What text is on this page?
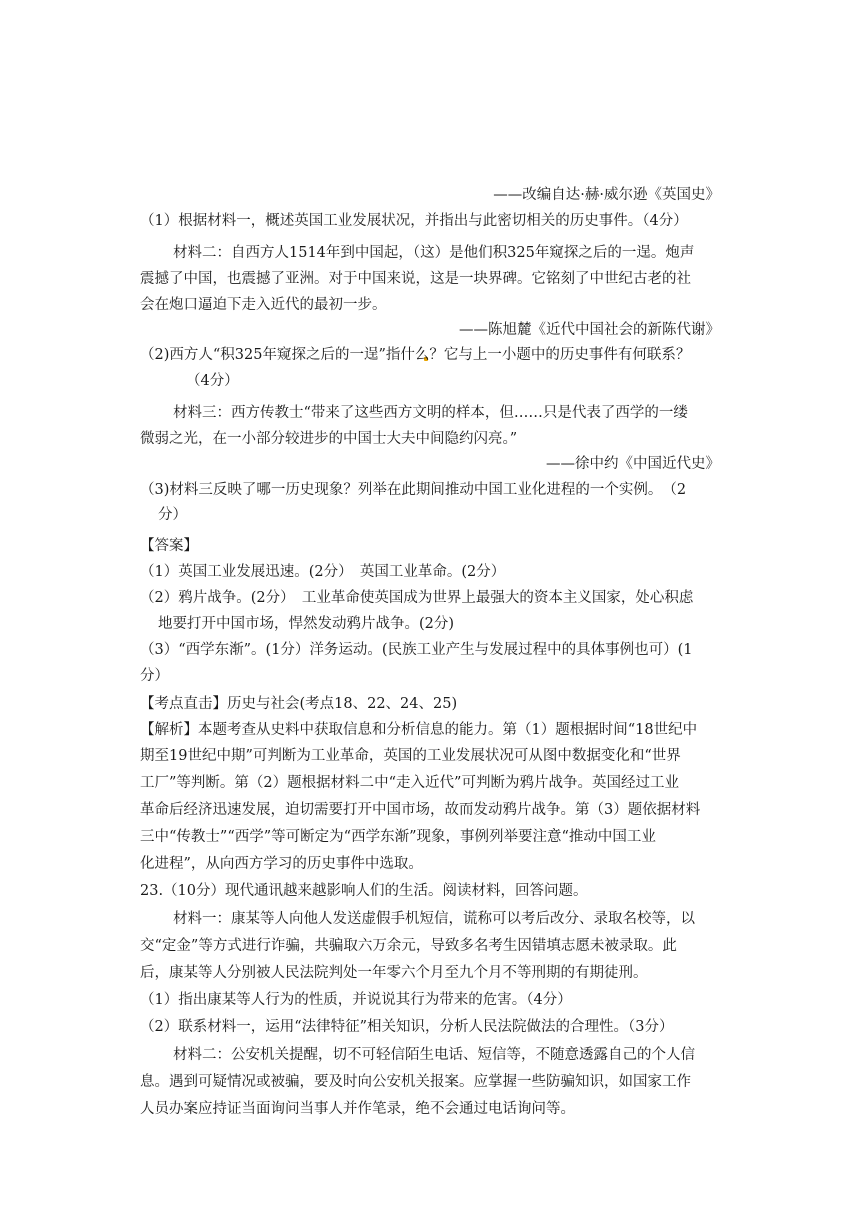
——改编自达·赫·威尔逊《英国史》
（1）根据材料一，概述英国工业发展状况，并指出与此密切相关的历史事件。（4分）
材料二：自西方人1514年到中国起，（这）是他们积325年窥探之后的一逞。炮声
震撼了中国，也震撼了亚洲。对于中国来说，这是一块界碑。它铭刻了中世纪古老的社
会在炮口逼迫下走入近代的最初一步。
——陈旭麓《近代中国社会的新陈代谢》
（2)西方人“积325年窥探之后的一逞”指什么？它与上一小题中的历史事件有何联系？
（4分）
材料三：西方传教士“带来了这些西方文明的样本，但……只是代表了西学的一缕
微弱之光，在一小部分较进步的中国士大夫中间隐约闪亮。”
——徐中约《中国近代史》
（3)材料三反映了哪一历史现象？列举在此期间推动中国工业化进程的一个实例。　（2
分）
【答案】
（1）英国工业发展迅速。(2分）　英国工业革命。(2分）
（2）鸦片战争。(2分）　工业革命使英国成为世界上最强大的资本主义国家，处心积虑
地要打开中国市场，悍然发动鸦片战争。(2分)
（3）“西学东渐”。(1分）洋务运动。(民族工业产生与发展过程中的具体事例也可）(1
分）
【考点直击】历史与社会(考点18、22、24、25)
【解析】本题考查从史料中获取信息和分析信息的能力。第（1）题根据时间“18世纪中
期至19世纪中期”可判断为工业革命，英国的工业发展状况可从图中数据变化和“世界
工厂”等判断。第（2）题根据材料二中“走入近代”可判断为鸦片战争。英国经过工业
革命后经济迅速发展，迫切需要打开中国市场，故而发动鸦片战争。第（3）题依据材料
三中“传教士”“西学”等可断定为“西学东渐”现象，事例列举要注意“推动中国工业
化进程”，从向西方学习的历史事件中选取。
23.（10分）现代通讯越来越影响人们的生活。阅读材料，回答问题。
材料一：康某等人向他人发送虚假手机短信，谎称可以考后改分、录取名校等，以
交“定金”等方式进行诈骗，共骗取六万余元，导致多名考生因错填志愿未被录取。此
后，康某等人分别被人民法院判处一年零六个月至九个月不等刑期的有期徒刑。
（1）指出康某等人行为的性质，并说说其行为带来的危害。（4分）
（2）联系材料一，运用“法律特征”相关知识，分析人民法院做法的合理性。（3分）
材料二：公安机关提醒，切不可轻信陌生电话、短信等，不随意透露自己的个人信
息。遇到可疑情况或被骗，要及时向公安机关报案。应掌握一些防骗知识，如国家工作
人员办案应持证当面询问当事人并作笔录，绝不会通过电话询问等。
